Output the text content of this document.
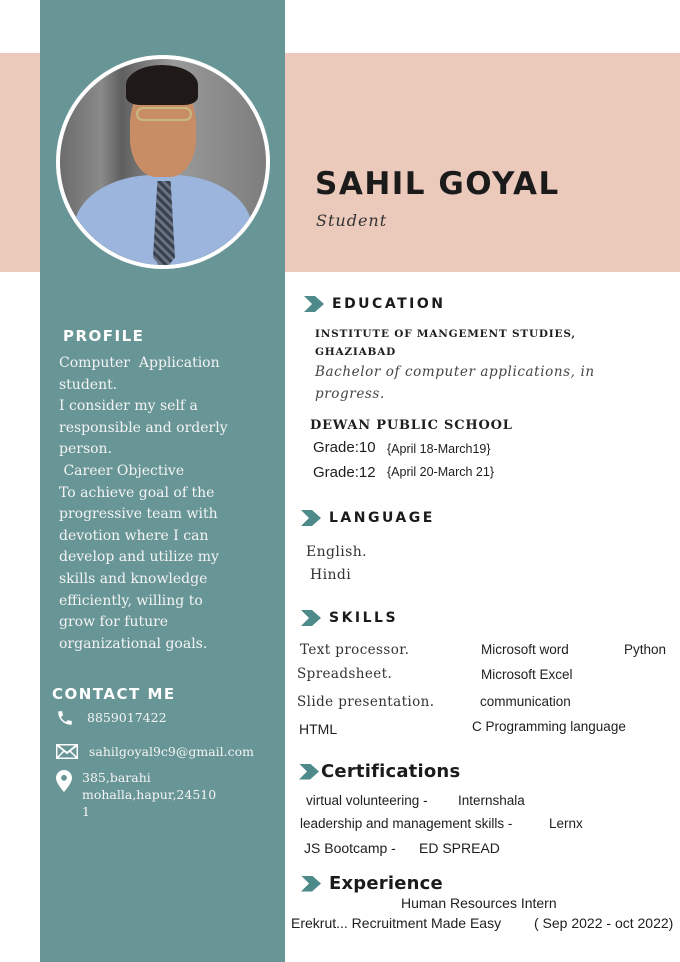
SAHIL GOYAL
Student
PROFILE
Computer  Application
student.
I consider my self a
responsible and orderly
person.
Career Objective
To achieve goal of the
progressive team with
devotion where I can
develop and utilize my
skills and knowledge
efficiently, willing to
grow for future
organizational goals.
CONTACT ME
8859017422
sahilgoyal9c9@gmail.com
385,barahi
mohalla,hapur,24510
1
EDUCATION
INSTITUTE OF MANGEMENT STUDIES,
GHAZIABAD
Bachelor of computer applications, in
progress.
DEWAN PUBLIC SCHOOL
Grade:10 {April 18-March19}
Grade:12 {April 20-March 21}
LANGUAGE
English.
Hindi
SKILLS
Text processor.
Spreadsheet.
Slide presentation.
HTML
Microsoft word
Microsoft Excel
communication
C Programming language
Python
Certifications
virtual volunteering - Internshala
leadership and management skills -	Lernx
JS Bootcamp - ED SPREAD
Experience
Human Resources Intern
Erekrut... Recruitment Made Easy ( Sep 2022 - oct 2022)
